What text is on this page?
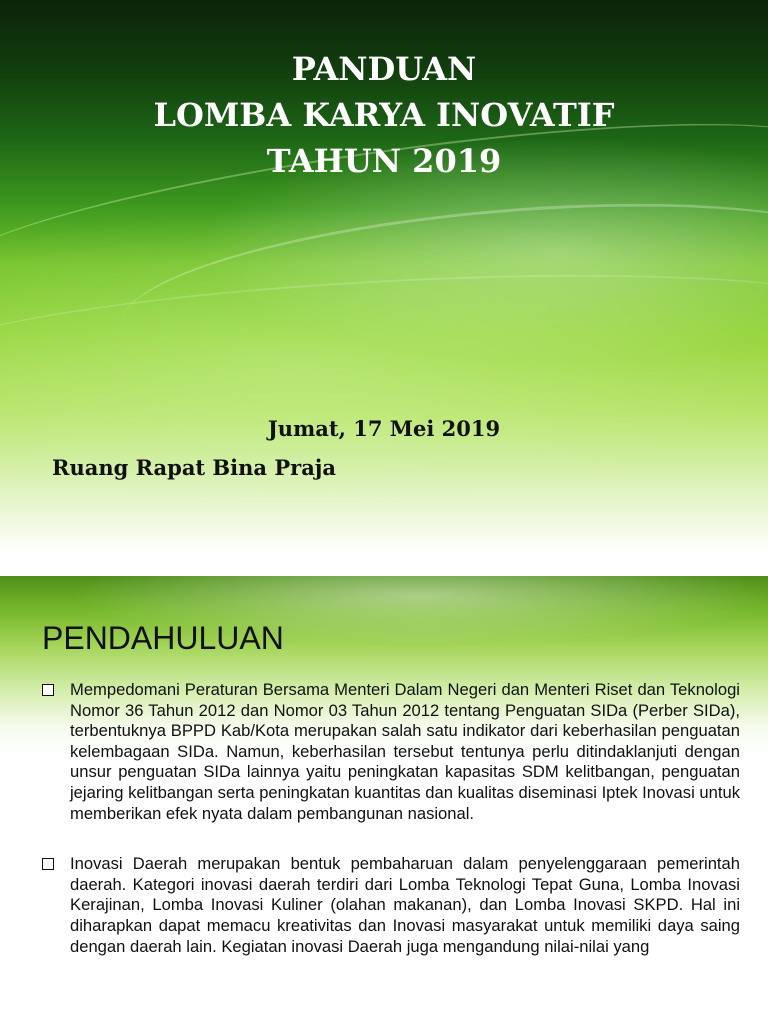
PANDUAN
LOMBA KARYA INOVATIF
TAHUN 2019
Jumat, 17 Mei 2019
Ruang Rapat Bina Praja
PENDAHULUAN
Mempedomani Peraturan Bersama Menteri Dalam Negeri dan Menteri Riset dan Teknologi Nomor 36 Tahun 2012 dan Nomor 03 Tahun 2012 tentang Penguatan SIDa (Perber SIDa), terbentuknya BPPD Kab/Kota merupakan salah satu indikator dari keberhasilan penguatan kelembagaan SIDa. Namun, keberhasilan tersebut tentunya perlu ditindaklanjuti dengan unsur penguatan SIDa lainnya yaitu peningkatan kapasitas SDM kelitbangan, penguatan jejaring kelitbangan serta peningkatan kuantitas dan kualitas diseminasi Iptek Inovasi untuk memberikan efek nyata dalam pembangunan nasional.
Inovasi Daerah merupakan bentuk pembaharuan dalam penyelenggaraan pemerintah daerah. Kategori inovasi daerah terdiri dari Lomba Teknologi Tepat Guna, Lomba Inovasi Kerajinan, Lomba Inovasi Kuliner (olahan makanan), dan Lomba Inovasi SKPD. Hal ini diharapkan dapat memacu kreativitas dan Inovasi masyarakat untuk memiliki daya saing dengan daerah lain. Kegiatan inovasi Daerah juga mengandung nilai-nilai yang
